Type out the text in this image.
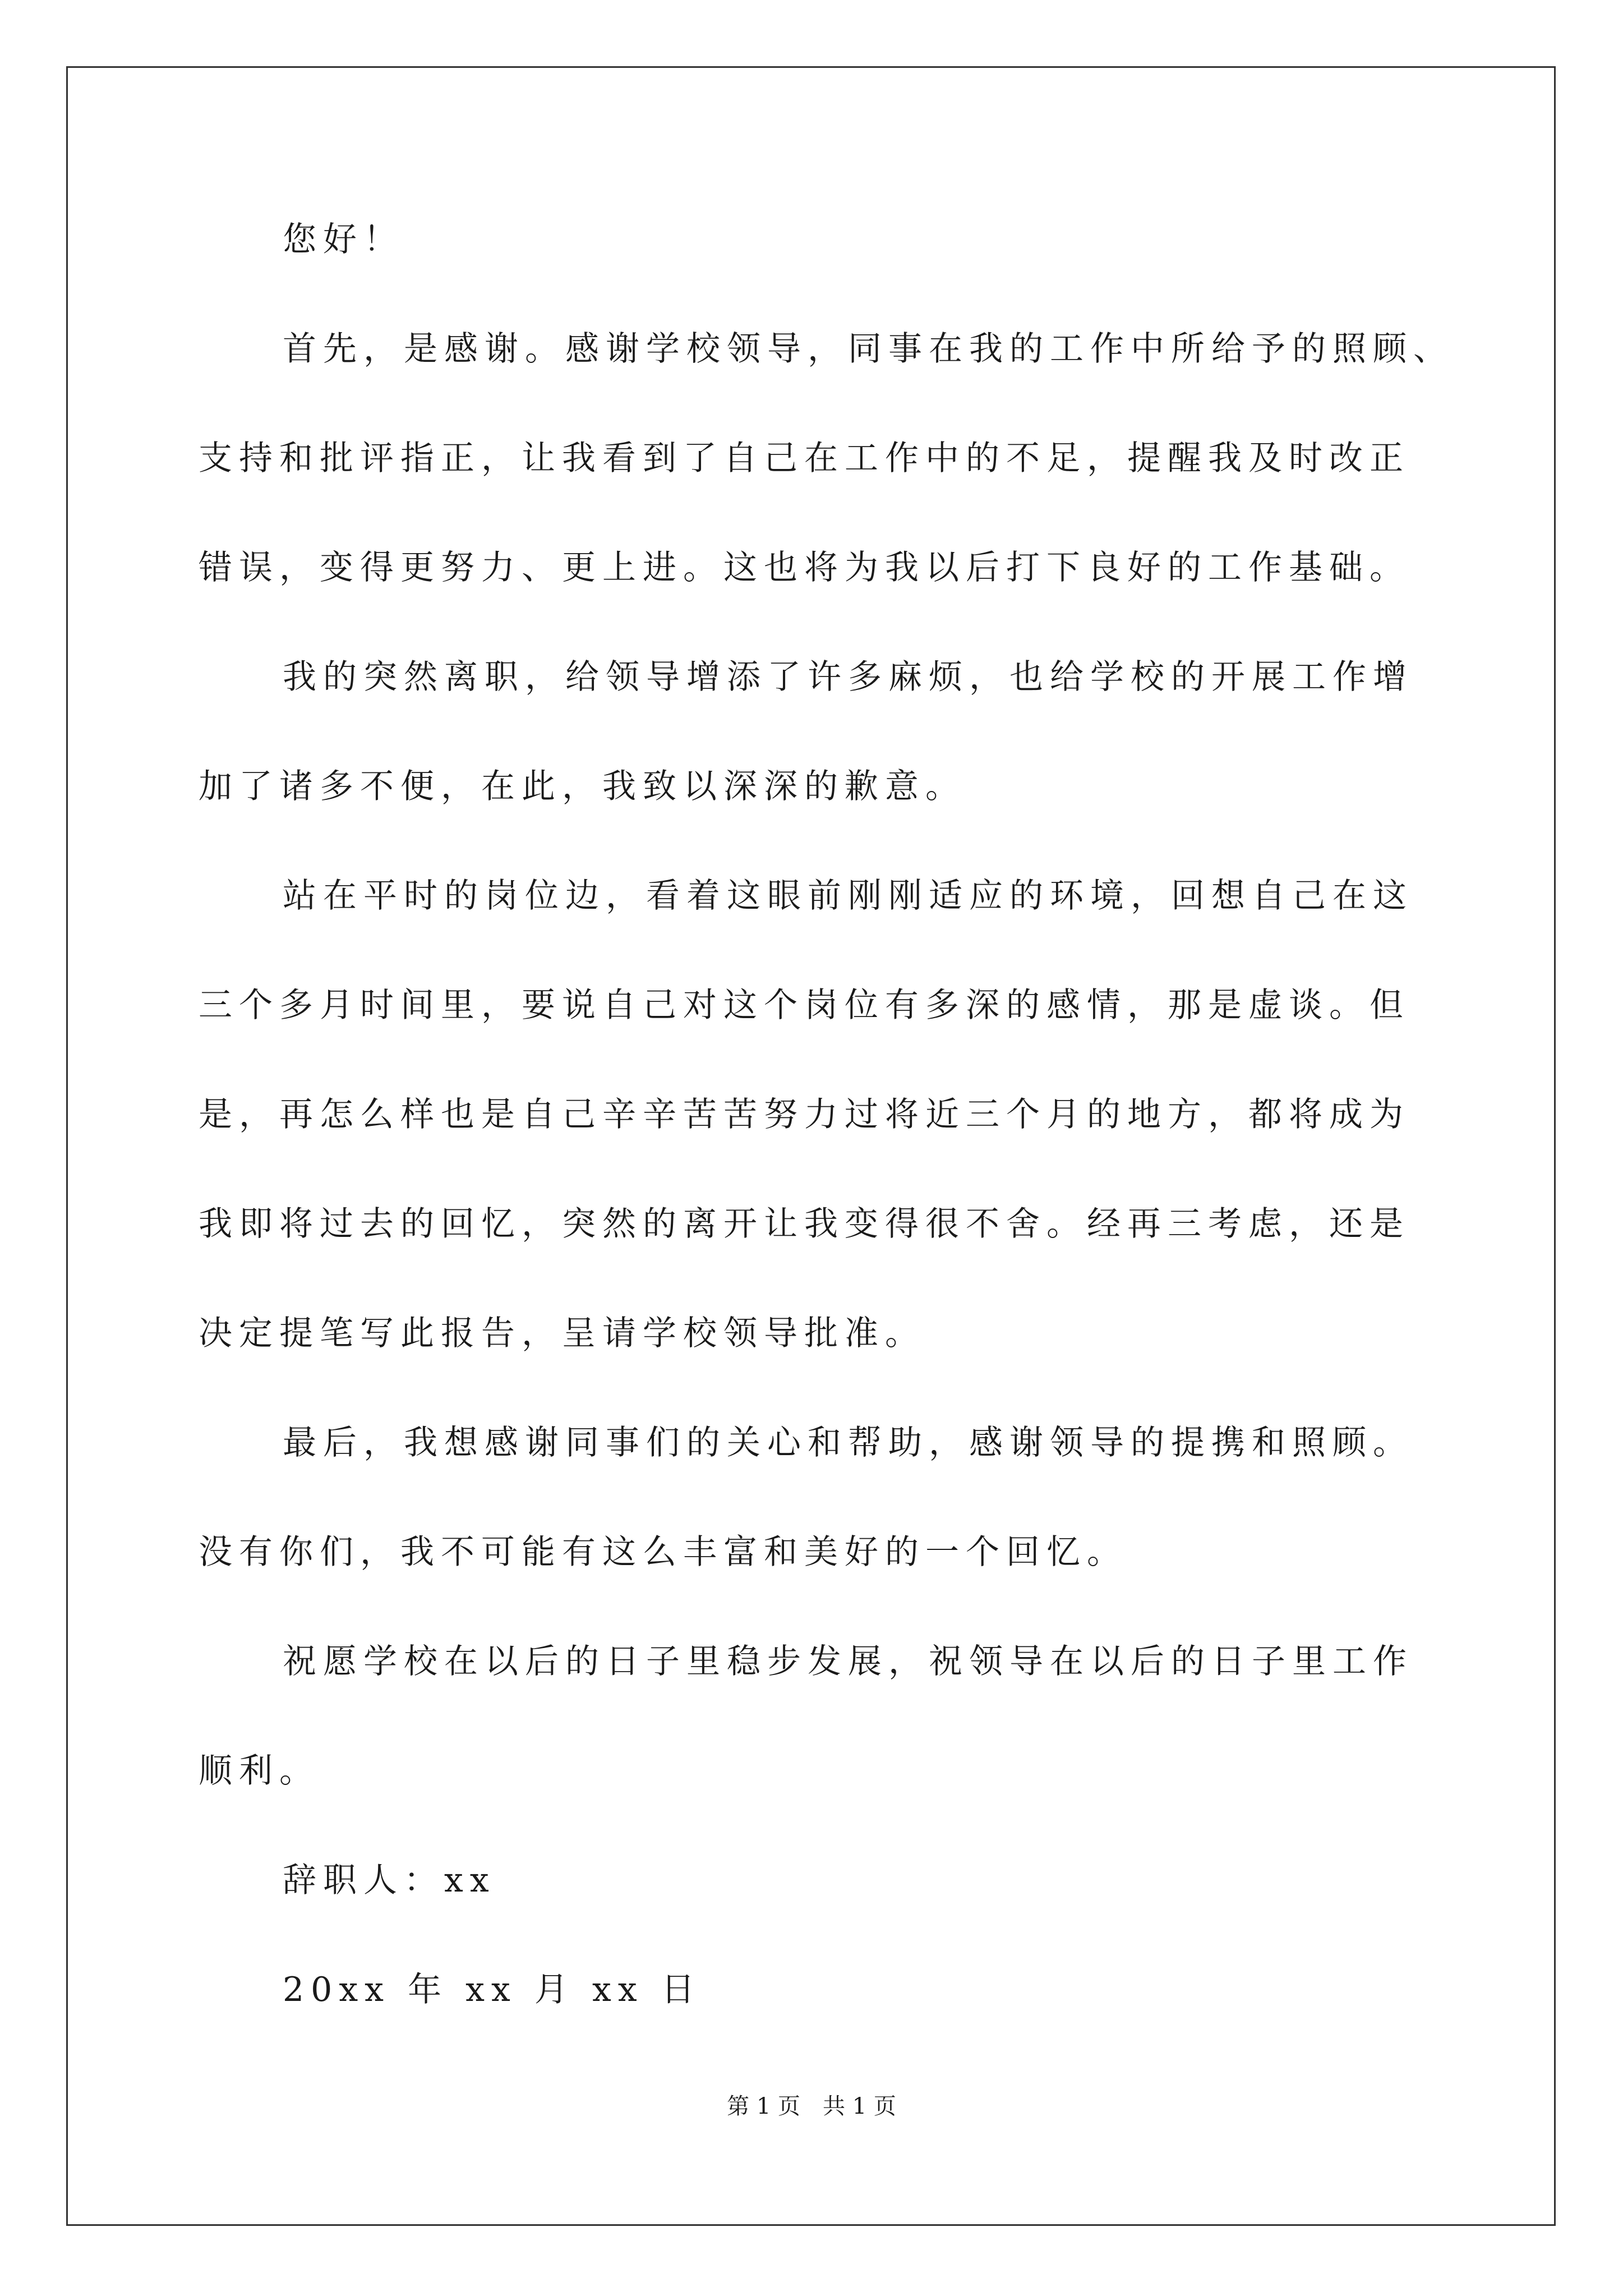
您好！

首先，是感谢。感谢学校领导，同事在我的工作中所给予的照顾、

支持和批评指正，让我看到了自己在工作中的不足，提醒我及时改正

错误，变得更努力、更上进。这也将为我以后打下良好的工作基础。

我的突然离职，给领导增添了许多麻烦，也给学校的开展工作增

加了诸多不便，在此，我致以深深的歉意。

站在平时的岗位边，看着这眼前刚刚适应的环境，回想自己在这

三个多月时间里，要说自己对这个岗位有多深的感情，那是虚谈。但

是，再怎么样也是自己辛辛苦苦努力过将近三个月的地方，都将成为

我即将过去的回忆，突然的离开让我变得很不舍。经再三考虑，还是

决定提笔写此报告，呈请学校领导批准。

最后，我想感谢同事们的关心和帮助，感谢领导的提携和照顾。

没有你们，我不可能有这么丰富和美好的一个回忆。

祝愿学校在以后的日子里稳步发展，祝领导在以后的日子里工作

顺利。

辞职人：xx

20xx 年 xx 月 xx 日

第 1 页　共 1 页
